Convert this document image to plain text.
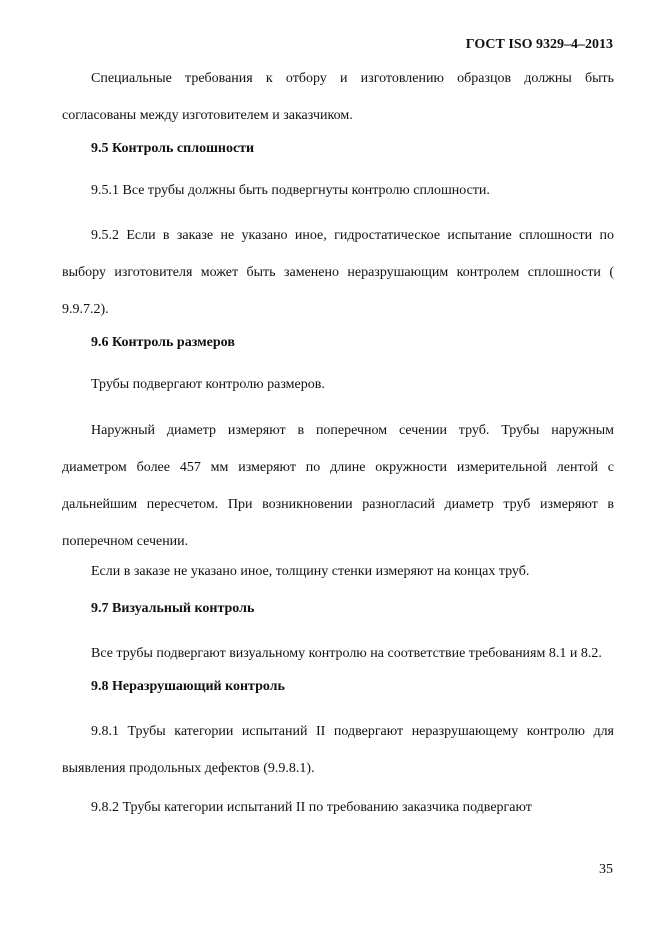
ГОСТ ISO 9329–4–2013

Специальные требования к отбору и изготовлению образцов должны быть согласованы между изготовителем и заказчиком.

9.5 Контроль сплошности

9.5.1 Все трубы должны быть подвергнуты контролю сплошности.

9.5.2 Если в заказе не указано иное, гидростатическое испытание сплошности по выбору изготовителя может быть заменено неразрушающим контролем сплошности ( 9.9.7.2).

9.6 Контроль размеров

Трубы подвергают контролю размеров.

Наружный диаметр измеряют в поперечном сечении труб. Трубы наружным диаметром более 457 мм измеряют по длине окружности измерительной лентой с дальнейшим пересчетом. При возникновении разногласий диаметр труб измеряют в поперечном сечении.

Если в заказе не указано иное, толщину стенки измеряют на концах труб.

9.7 Визуальный контроль

Все трубы подвергают визуальному контролю на соответствие требованиям 8.1 и 8.2.

9.8 Неразрушающий контроль

9.8.1 Трубы категории испытаний II подвергают неразрушающему контролю для выявления продольных дефектов (9.9.8.1).

9.8.2 Трубы категории испытаний II по требованию заказчика подвергают

35
